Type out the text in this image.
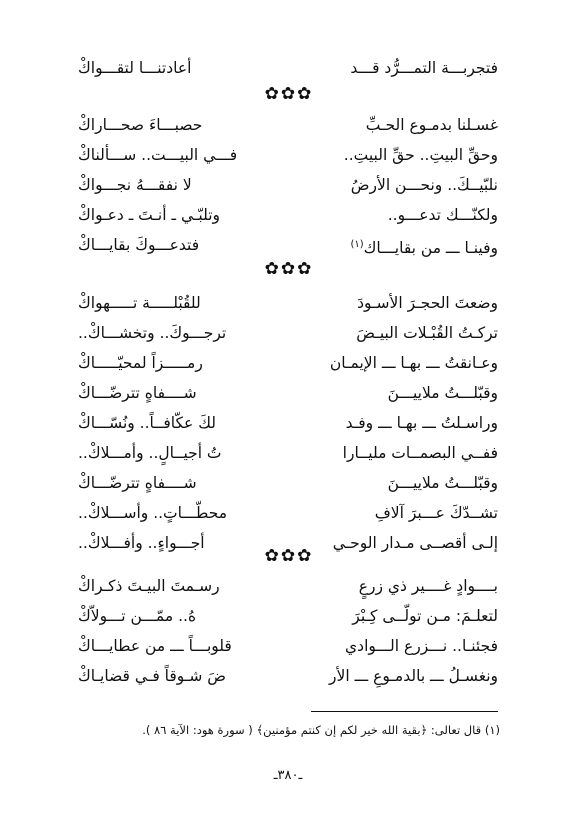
فتجربـــة التمـــرُّد قـــد
أعادتنـــا لتقـــواكْ
✿ ✿ ✿
غسـلنا بدمـوع الحـبِّ
حصبـــاءَ صحـــاراكْ
وحقِّ البيتِ.. حقِّ البيتِ..
فـــي البيـــت.. ســـألناكْ
نلبّيــكَ.. ونحـــن الأرضُ
لا نفقـــهُ نجـــواكْ
ولكنّـــك تدعـــو..
وتلبّـي ـ أنـتَ ـ دعـواكْ
وفينـا ـــ من بقايـــاك$^{(١)}$
فتدعـــوكَ بقايـــاكْ
✿ ✿ ✿
وضعتَ الحجـرَ الأسـودَ
للقُبْلـــــة تـــــهواكْ
تركـتُ القُبْـلات البيـضَ
ترجـــوكَ.. وتخشـــاكْ..
وعـانقتُ ـــ بهـا ـــ الإيمـان
رمـــــزاً لمحيّـــــاكْ
وقبّلـــتُ ملاييـــنَ
شــــفاهٍ تترضّـــاكْ
وراسـلتُ ـــ بهـا ـــ وفـد
لكَ عكّافــاً.. ونُسّـــاكْ
ففــي البصمــات مليــارا
تُ أجيــالٍ.. وأمـــلاكْ..
وقبّلـــتُ ملاييـــنَ
شــــفاهٍ تترضّـــاكْ
تشــدّكَ عـــبرَ آلافِ
محطّـــاتٍ.. وأســـلاكْ..
إلـى أقصــى مـدار الوحـي
أجـــواءٍ.. وأفـــلاكْ..
✿ ✿ ✿
بــــوادٍ غــــير ذي زرعٍ
رسـمتَ البيـتَ ذكـراكْ
لتعلـمَ: مـن تولّــى كِـبْرَ
هُ.. ممّـــن تـــولاّكْ
فجئنـا.. نـــزرع الـــوادي
قلوبـــاً ـــ من عطايـــاكْ
ونغسـلُ ـــ بالدمـوعِ ـــ الأر
ضَ شـوقاً فـي قضايـاكْ
(١) قال تعالى: ﴿بقية الله خير لكم إن كنتم مؤمنين﴾ ( سورة هود: الآية ٨٦ ).
ـ٣٨٠ـ
